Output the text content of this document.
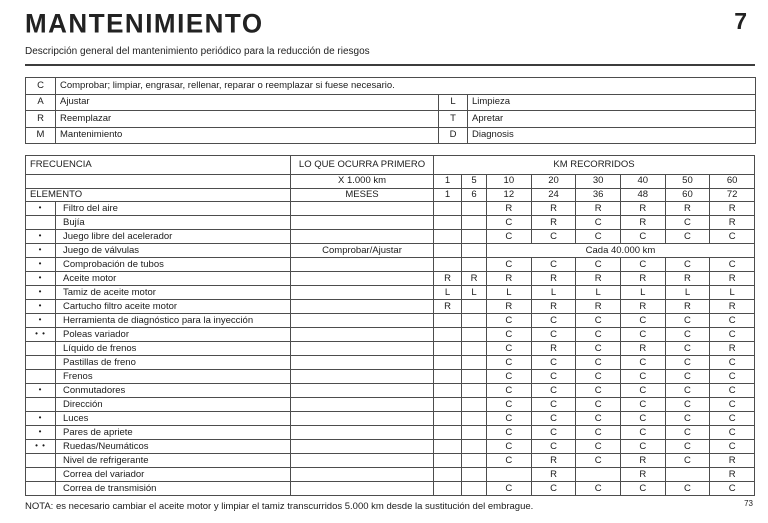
MANTENIMIENTO	7
Descripción general del mantenimiento periódico para la reducción de riesgos
C	Comprobar; limpiar, engrasar, rellenar, reparar o reemplazar si fuese necesario.		
A	Ajustar	L	Limpieza
R	Reemplazar	T	Apretar
M	Mantenimiento	D	Diagnosis
FRECUENCIA		LO QUE OCURRA PRIMERO	KM RECORRIDOS							
		X 1.000 km	1	5	10	20	30	40	50	60
ELEMENTO		MESES	1	6	12	24	36	48	60	72
•	Filtro del aire				R	R	R	R	R	R
	Bujía				C	R	C	R	C	R
•	Juego libre del acelerador				C	C	C	C	C	C
•	Juego de válvulas	Comprobar/Ajustar			Cada 40.000 km					
•	Comprobación de tubos				C	C	C	C	C	C
•	Aceite motor		R	R	R	R	R	R	R	R
•	Tamiz de aceite motor		L	L	L	L	L	L	L	L
•	Cartucho filtro aceite motor		R		R	R	R	R	R	R
•	Herramienta de diagnóstico para la inyección				C	C	C	C	C	C
• •	Poleas variador				C	C	C	C	C	C
	Líquido de frenos				C	R	C	R	C	R
	Pastillas de freno				C	C	C	C	C	C
	Frenos				C	C	C	C	C	C
•	Conmutadores				C	C	C	C	C	C
	Dirección				C	C	C	C	C	C
•	Luces				C	C	C	C	C	C
•	Pares de apriete				C	C	C	C	C	C
• •	Ruedas/Neumáticos				C	C	C	C	C	C
	Nivel de refrigerante				C	R	C	R	C	R
	Correa del variador					R		R		R
	Correa de transmisión				C	C	C	C	C	C
NOTA: es necesario cambiar el aceite motor y limpiar el tamiz transcurridos 5.000 km desde la sustitución del embrague.	73
